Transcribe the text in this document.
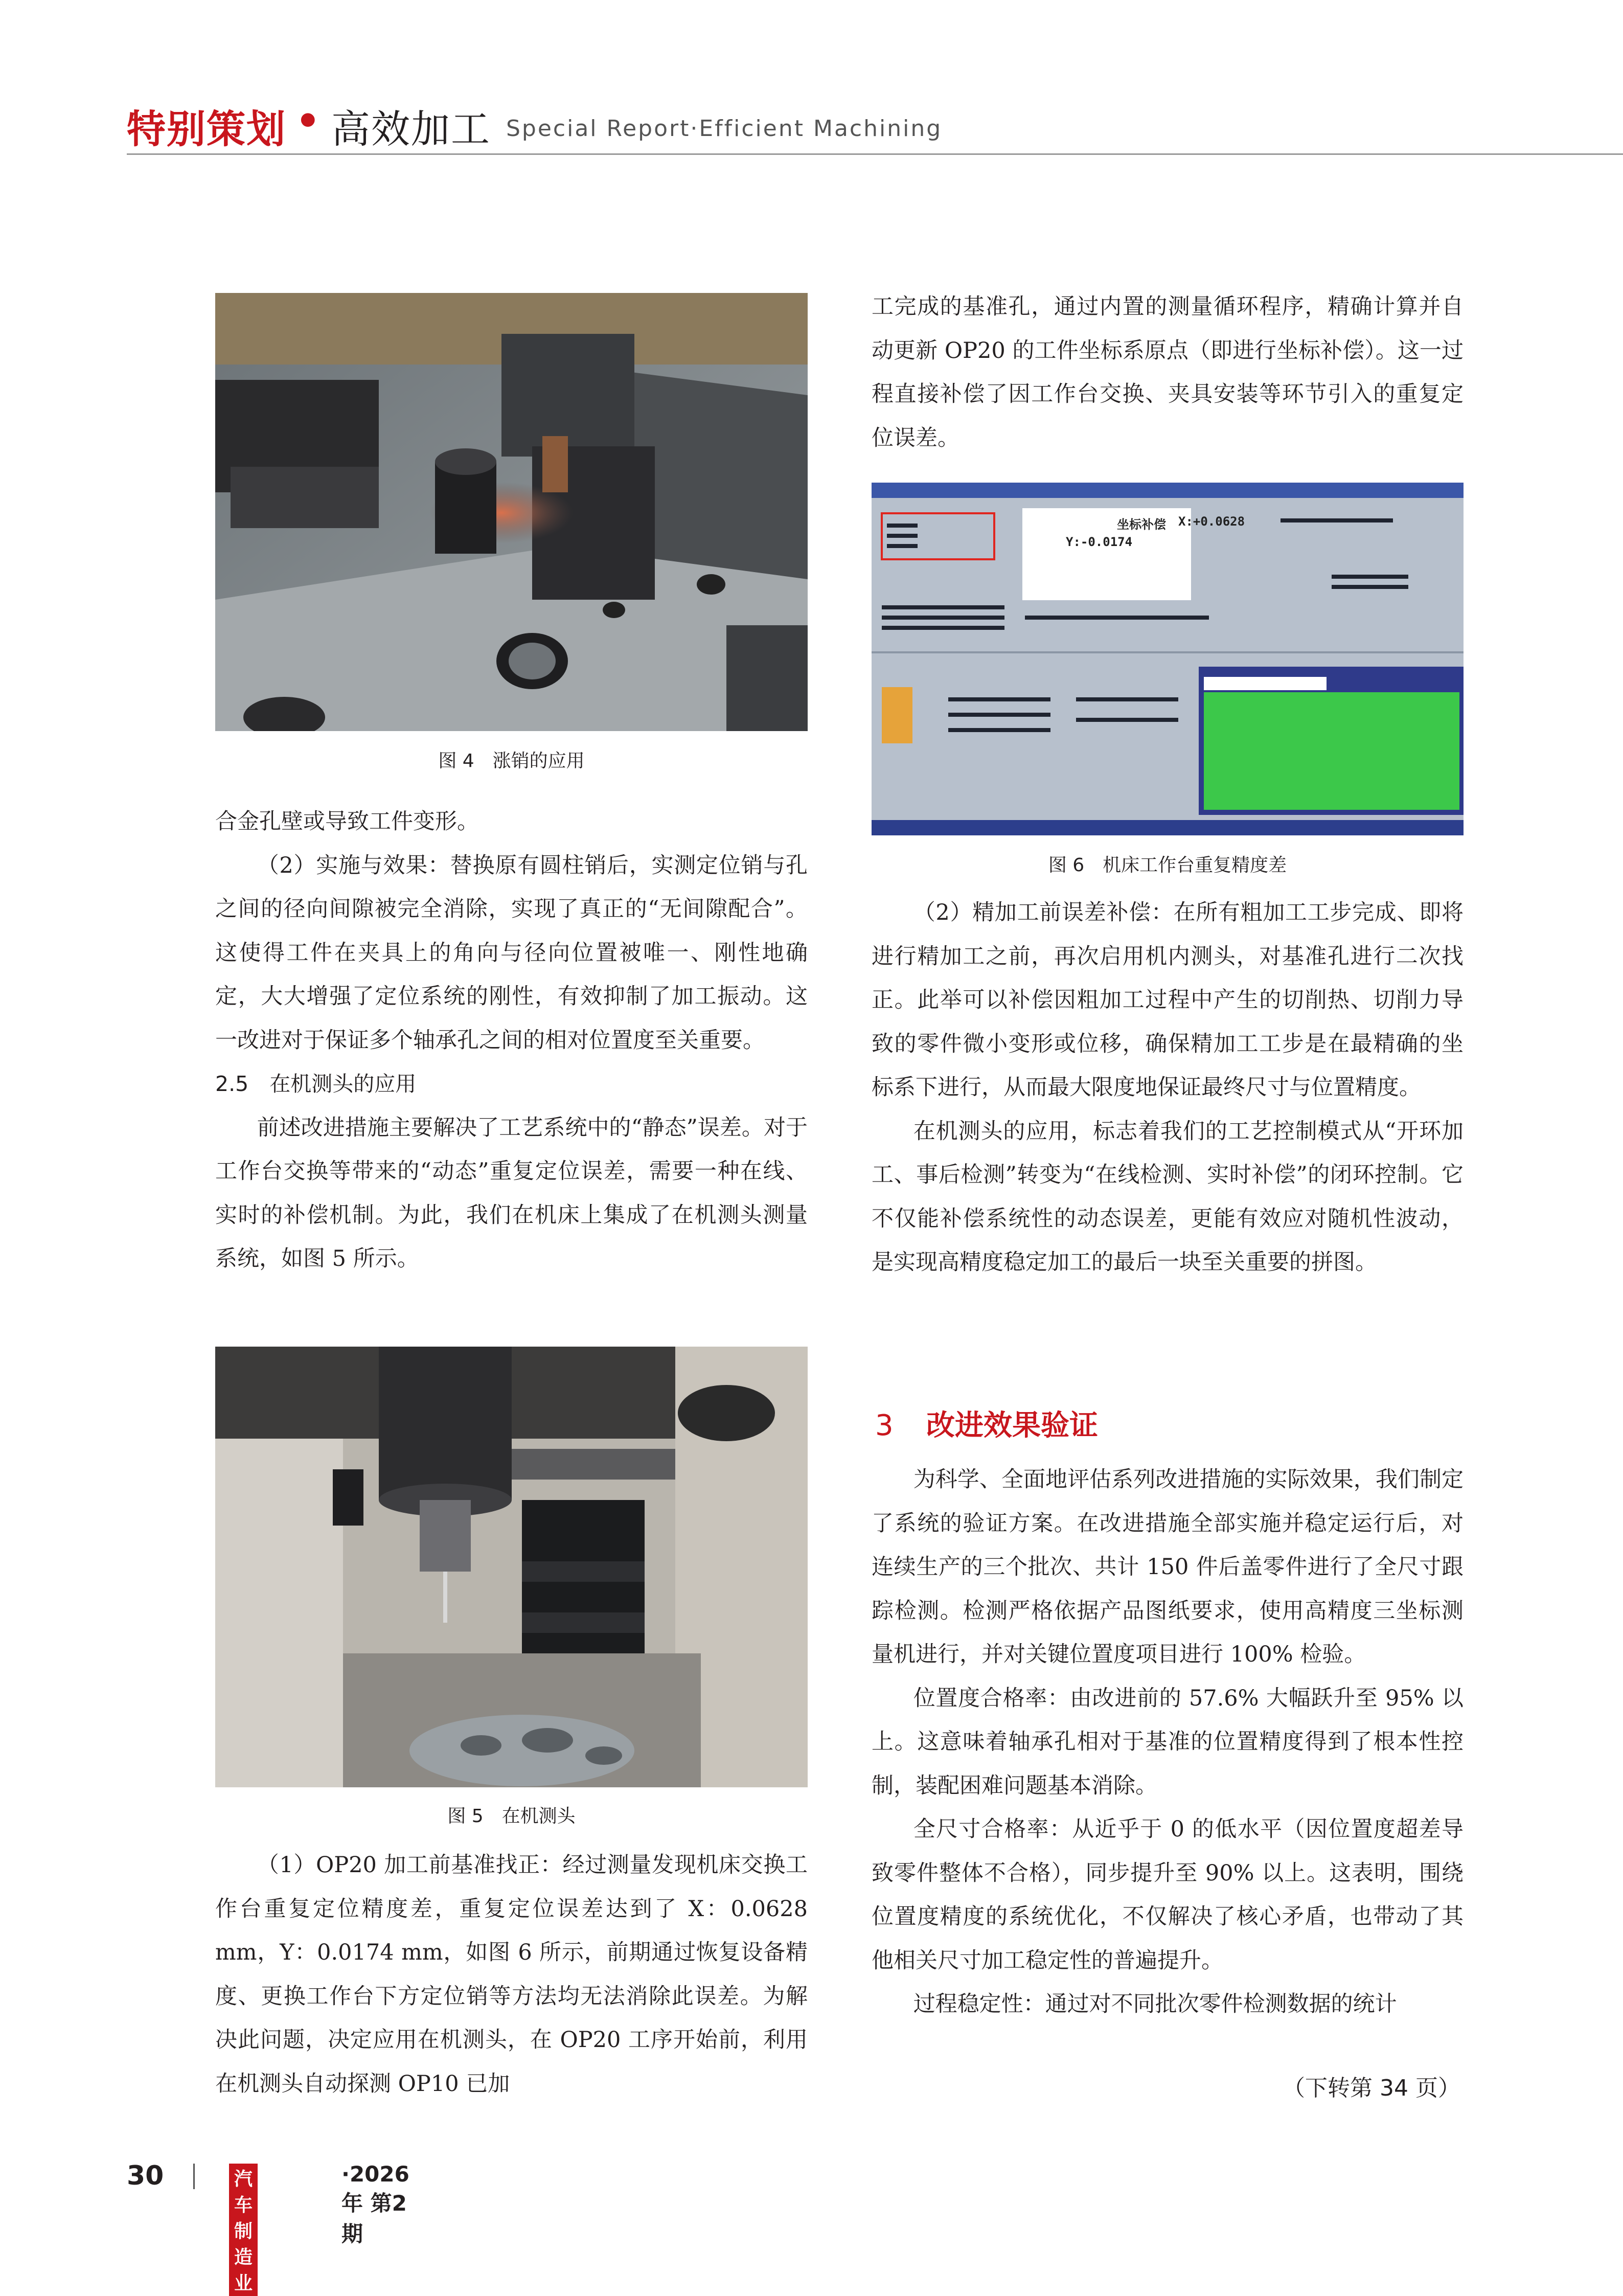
特别策划 • 高效加工 Special Report·Efficient Machining
图 4　涨销的应用

合金孔壁或导致工件变形。

（2）实施与效果：替换原有圆柱销后，实测定位销与孔之间的径向间隙被完全消除，实现了真正的“无间隙配合”。这使得工件在夹具上的角向与径向位置被唯一、刚性地确定，大大增强了定位系统的刚性，有效抑制了加工振动。这一改进对于保证多个轴承孔之间的相对位置度至关重要。

2.5　在机测头的应用

前述改进措施主要解决了工艺系统中的“静态”误差。对于工作台交换等带来的“动态”重复定位误差，需要一种在线、实时的补偿机制。为此，我们在机床上集成了在机测头测量系统，如图 5 所示。

图 5　在机测头

（1）OP20 加工前基准找正：经过测量发现机床交换工作台重复定位精度差，重复定位误差达到了 X：0.0628 mm，Y：0.0174 mm，如图 6 所示，前期通过恢复设备精度、更换工作台下方定位销等方法均无法消除此误差。为解决此问题，决定应用在机测头，在 OP20 工序开始前，利用在机测头自动探测 OP10 已加

工完成的基准孔，通过内置的测量循环程序，精确计算并自动更新 OP20 的工件坐标系原点（即进行坐标补偿）。这一过程直接补偿了因工作台交换、夹具安装等环节引入的重复定位误差。

坐标补偿 X:+0.0628
Y:-0.0174
图 6　机床工作台重复精度差

（2）精加工前误差补偿：在所有粗加工工步完成、即将进行精加工之前，再次启用机内测头，对基准孔进行二次找正。此举可以补偿因粗加工过程中产生的切削热、切削力导致的零件微小变形或位移，确保精加工工步是在最精确的坐标系下进行，从而最大限度地保证最终尺寸与位置精度。

在机测头的应用，标志着我们的工艺控制模式从“开环加工、事后检测”转变为“在线检测、实时补偿”的闭环控制。它不仅能补偿系统性的动态误差，更能有效应对随机性波动，是实现高精度稳定加工的最后一块至关重要的拼图。

3 改进效果验证

为科学、全面地评估系列改进措施的实际效果，我们制定了系统的验证方案。在改进措施全部实施并稳定运行后，对连续生产的三个批次、共计 150 件后盖零件进行了全尺寸跟踪检测。检测严格依据产品图纸要求，使用高精度三坐标测量机进行，并对关键位置度项目进行 100% 检验。

位置度合格率：由改进前的 57.6% 大幅跃升至 95% 以上。这意味着轴承孔相对于基准的位置精度得到了根本性控制，装配困难问题基本消除。

全尺寸合格率：从近乎于 0 的低水平（因位置度超差导致零件整体不合格），同步提升至 90% 以上。这表明，围绕位置度精度的系统优化，不仅解决了核心矛盾，也带动了其他相关尺寸加工稳定性的普遍提升。

过程稳定性：通过对不同批次零件检测数据的统计

（下转第 34 页）
30	汽车制造业
·2026年 第2期
